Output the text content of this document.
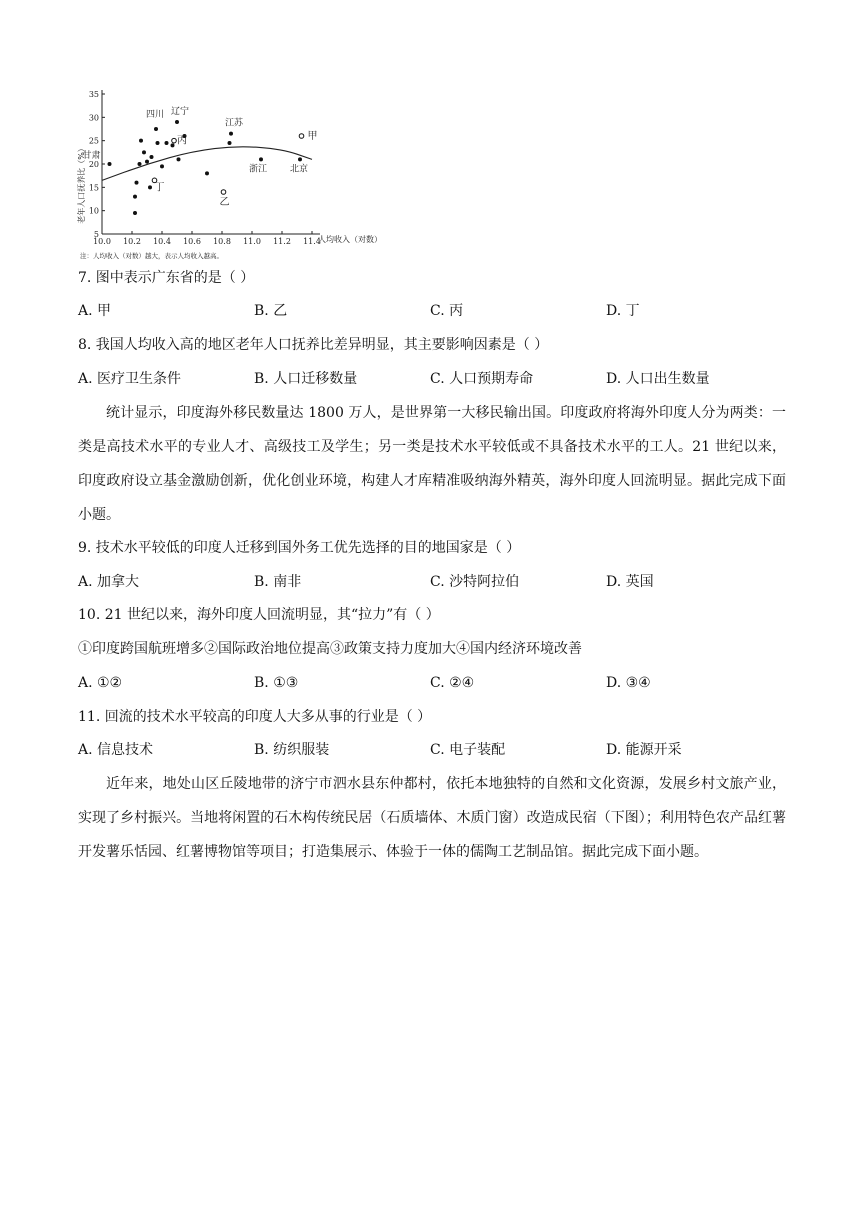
10.0 10.2 10.4 10.6 10.8 11.0 11.2 11.4
5
10
15
20
25
30
35
甘肃
四川 辽宁
江苏
浙江	北京
丁
丙
乙
甲
人均收入（对数）
老年人口抚养比（%）
注：人均收入（对数）越大，表示人均收入越高。
7. 图中表示广东省的是（ ）
A. 甲	B. 乙	C. 丙	D. 丁
8. 我国人均收入高的地区老年人口抚养比差异明显，其主要影响因素是（ ）
A. 医疗卫生条件	B. 人口迁移数量	C. 人口预期寿命	D. 人口出生数量
统计显示，印度海外移民数量达 1800 万人，是世界第一大移民输出国。印度政府将海外印度人分为两类：一类是高技术水平的专业人才、高级技工及学生；另一类是技术水平较低或不具备技术水平的工人。21 世纪以来，印度政府设立基金激励创新，优化创业环境，构建人才库精准吸纳海外精英，海外印度人回流明显。据此完成下面小题。
9. 技术水平较低的印度人迁移到国外务工优先选择的目的地国家是（ ）
A. 加拿大	B. 南非	C. 沙特阿拉伯	D. 英国
10. 21 世纪以来，海外印度人回流明显，其“拉力”有（ ）
①印度跨国航班增多②国际政治地位提高③政策支持力度加大④国内经济环境改善
A. ①②	B. ①③	C. ②④	D. ③④
11. 回流的技术水平较高的印度人大多从事的行业是（ ）
A. 信息技术	B. 纺织服装	C. 电子装配	D. 能源开采
近年来，地处山区丘陵地带的济宁市泗水县东仲都村，依托本地独特的自然和文化资源，发展乡村文旅产业，实现了乡村振兴。当地将闲置的石木构传统民居（石质墙体、木质门窗）改造成民宿（下图）；利用特色农产品红薯开发薯乐恬园、红薯博物馆等项目；打造集展示、体验于一体的儒陶工艺制品馆。据此完成下面小题。
